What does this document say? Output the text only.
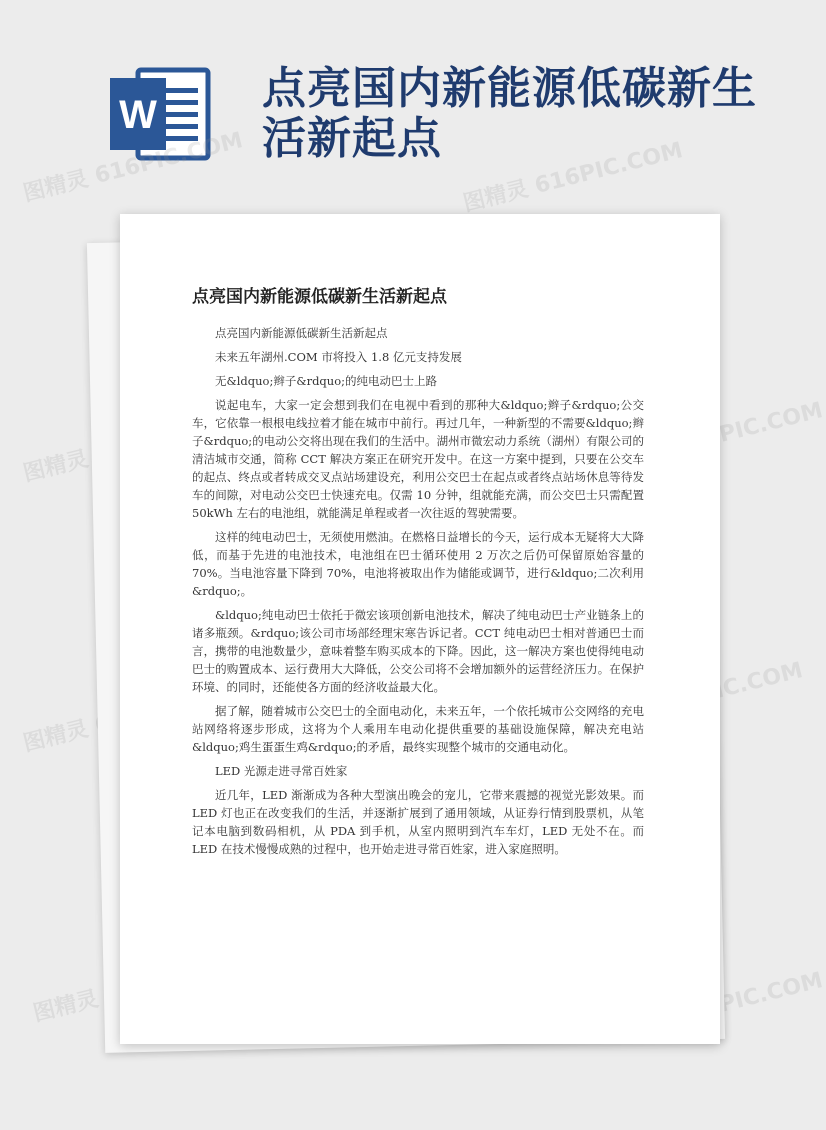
W
点亮国内新能源低碳新生活新起点
图精灵 616PIC.COM	图精灵 616PIC.COM
图精灵
616PIC.COM
图精灵
616PIC.COM
图精灵	616PIC.COM
点亮国内新能源低碳新生活新起点

点亮国内新能源低碳新生活新起点

未来五年湖州.COM 市将投入 1.8 亿元支持发展

无&ldquo;辫子&rdquo;的纯电动巴士上路

说起电车，大家一定会想到我们在电视中看到的那种大&ldquo;辫子&rdquo;公交车，它依靠一根根电线拉着才能在城市中前行。再过几年，一种新型的不需要&ldquo;辫子&rdquo;的电动公交将出现在我们的生活中。湖州市微宏动力系统（湖州）有限公司的清洁城市交通，简称 CCT 解决方案正在研究开发中。在这一方案中提到，只要在公交车的起点、终点或者转成交叉点站场建设充，利用公交巴士在起点或者终点站场休息等待发车的间隙，对电动公交巴士快速充电。仅需 10 分钟，组就能充满，而公交巴士只需配置 50kWh 左右的电池组，就能满足单程或者一次往返的驾驶需要。

这样的纯电动巴士，无须使用燃油。在燃格日益增长的今天，运行成本无疑将大大降低，而基于先进的电池技术，电池组在巴士循环使用 2 万次之后仍可保留原始容量的 70%。当电池容量下降到 70%，电池将被取出作为储能或调节，进行&ldquo;二次利用&rdquo;。

&ldquo;纯电动巴士依托于微宏该项创新电池技术，解决了纯电动巴士产业链条上的诸多瓶颈。&rdquo;该公司市场部经理宋寒告诉记者。CCT 纯电动巴士相对普通巴士而言，携带的电池数量少，意味着整车购买成本的下降。因此，这一解决方案也使得纯电动巴士的购置成本、运行费用大大降低，公交公司将不会增加额外的运营经济压力。在保护环境、的同时，还能使各方面的经济收益最大化。

据了解，随着城市公交巴士的全面电动化，未来五年，一个依托城市公交网络的充电站网络将逐步形成，这将为个人乘用车电动化提供重要的基础设施保障，解决充电站&ldquo;鸡生蛋蛋生鸡&rdquo;的矛盾，最终实现整个城市的交通电动化。

LED 光源走进寻常百姓家

近几年，LED 渐渐成为各种大型演出晚会的宠儿，它带来震撼的视觉光影效果。而 LED 灯也正在改变我们的生活，并逐渐扩展到了通用领域，从证券行情到股票机，从笔记本电脑到数码相机，从 PDA 到手机，从室内照明到汽车车灯，LED 无处不在。而 LED 在技术慢慢成熟的过程中，也开始走进寻常百姓家，进入家庭照明。
